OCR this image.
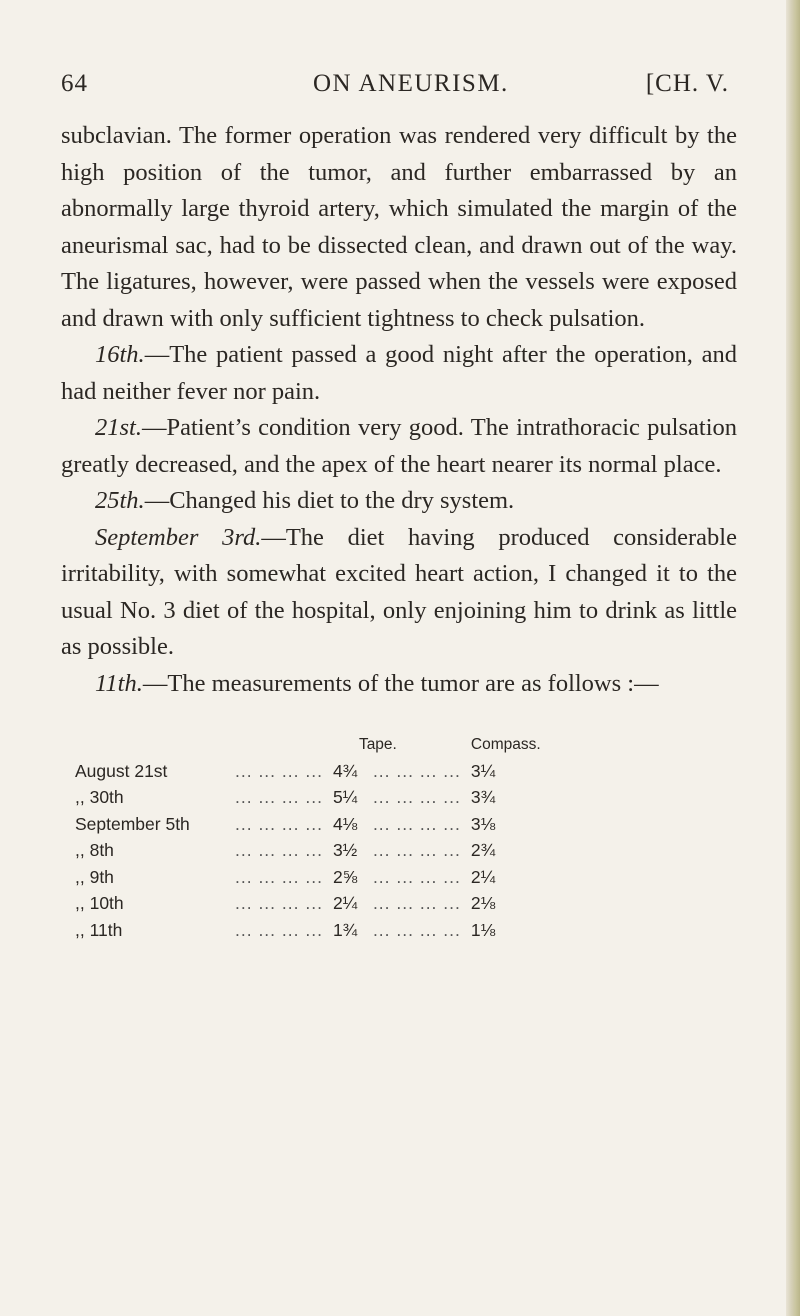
64	ON ANEURISM.	[CH. V.

subclavian. The former operation was rendered very difficult by the high position of the tumor, and further embarrassed by an abnormally large thyroid artery, which simulated the margin of the aneurismal sac, had to be dissected clean, and drawn out of the way. The ligatures, however, were passed when the vessels were exposed and drawn with only sufficient tightness to check pulsation.

16th.—The patient passed a good night after the operation, and had neither fever nor pain.

21st.—Patient’s condition very good. The intrathoracic pulsation greatly decreased, and the apex of the heart nearer its normal place.

25th.—Changed his diet to the dry system.

September 3rd.—The diet having produced considerable irritability, with somewhat excited heart action, I changed it to the usual No. 3 diet of the hospital, only enjoining him to drink as little as possible.

11th.—The measurements of the tumor are as follows :—

		Tape.		Compass.
August 21st	... ... ... ...	4¾	... ... ... ...	3¼
,, 30th	... ... ... ...	5¼	... ... ... ...	3¾
September 5th	... ... ... ...	4⅛	... ... ... ...	3⅛
,, 8th	... ... ... ...	3½	... ... ... ...	2¾
,, 9th	... ... ... ...	2⅝	... ... ... ...	2¼
,, 10th	... ... ... ...	2¼	... ... ... ...	2⅛
,, 11th	... ... ... ...	1¾	... ... ... ...	1⅛
